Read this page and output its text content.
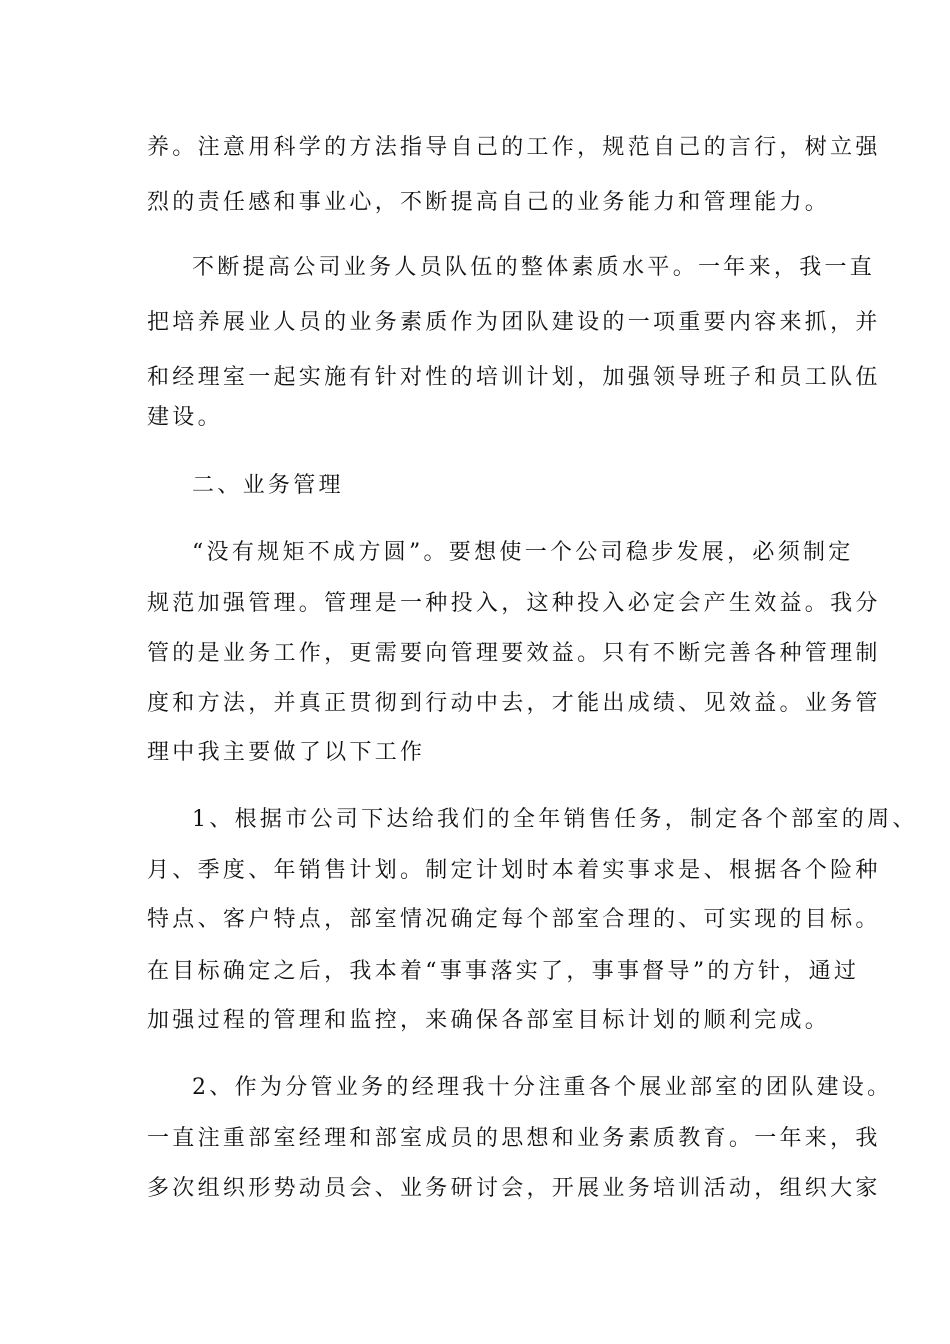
养。注意用科学的方法指导自己的工作，规范自己的言行，树立强
烈的责任感和事业心，不断提高自己的业务能力和管理能力。
不断提高公司业务人员队伍的整体素质水平。一年来，我一直
把培养展业人员的业务素质作为团队建设的一项重要内容来抓，并
和经理室一起实施有针对性的培训计划，加强领导班子和员工队伍
建设。
二、业务管理
“没有规矩不成方圆”。要想使一个公司稳步发展，必须制定
规范加强管理。管理是一种投入，这种投入必定会产生效益。我分
管的是业务工作，更需要向管理要效益。只有不断完善各种管理制
度和方法，并真正贯彻到行动中去，才能出成绩、见效益。业务管
理中我主要做了以下工作
1、根据市公司下达给我们的全年销售任务，制定各个部室的周、
月、季度、年销售计划。制定计划时本着实事求是、根据各个险种
特点、客户特点，部室情况确定每个部室合理的、可实现的目标。
在目标确定之后，我本着“事事落实了，事事督导”的方针，通过
加强过程的管理和监控，来确保各部室目标计划的顺利完成。
2、作为分管业务的经理我十分注重各个展业部室的团队建设。
一直注重部室经理和部室成员的思想和业务素质教育。一年来，我
多次组织形势动员会、业务研讨会，开展业务培训活动，组织大家
